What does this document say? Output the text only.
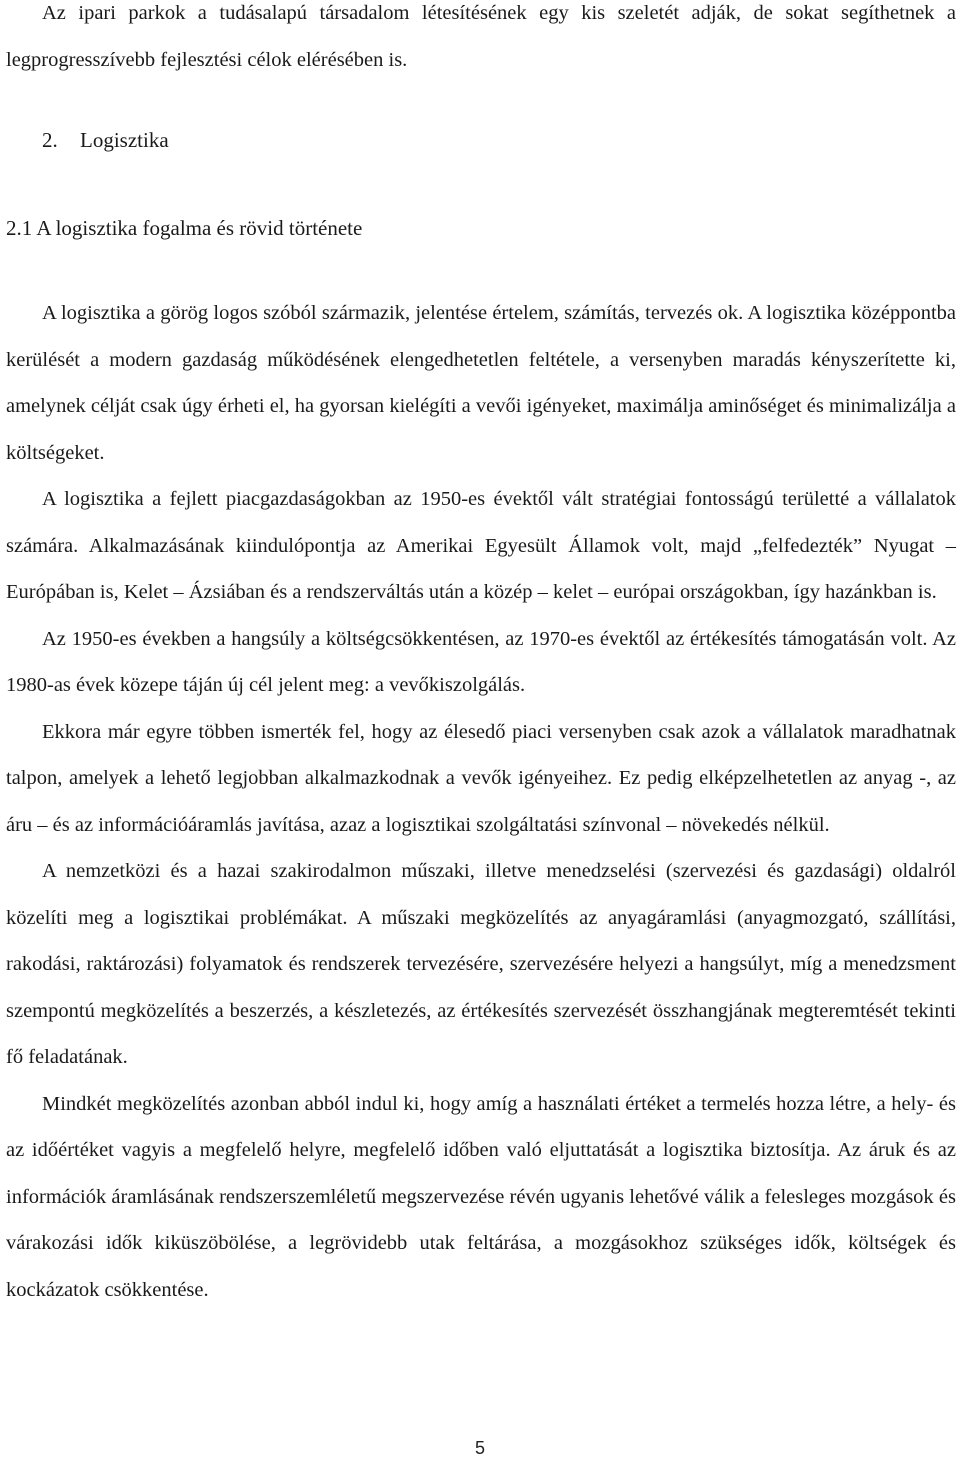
Az ipari parkok a tudásalapú társadalom létesítésének egy kis szeletét adják, de sokat segíthetnek a legprogresszívebb fejlesztési célok elérésében is.

2. Logisztika
2.1 A logisztika fogalma és rövid története

A logisztika a görög logos szóból származik, jelentése értelem, számítás, tervezés ok. A logisztika középpontba kerülését a modern gazdaság működésének elengedhetetlen feltétele, a versenyben maradás kényszerítette ki, amelynek célját csak úgy érheti el, ha gyorsan kielégíti a vevői igényeket, maximálja aminőséget és minimalizálja a költségeket.

A logisztika a fejlett piacgazdaságokban az 1950-es évektől vált stratégiai fontosságú területté a vállalatok számára. Alkalmazásának kiindulópontja az Amerikai Egyesült Államok volt, majd „felfedezték” Nyugat – Európában is, Kelet – Ázsiában és a rendszerváltás után a közép – kelet – európai országokban, így hazánkban is.

Az 1950-es években a hangsúly a költségcsökkentésen, az 1970-es évektől az értékesítés támogatásán volt. Az 1980-as évek közepe táján új cél jelent meg: a vevőkiszolgálás.

Ekkora már egyre többen ismerték fel, hogy az élesedő piaci versenyben csak azok a vállalatok maradhatnak talpon, amelyek a lehető legjobban alkalmazkodnak a vevők igényeihez. Ez pedig elképzelhetetlen az anyag -, az áru – és az információáramlás javítása, azaz a logisztikai szolgáltatási színvonal – növekedés nélkül.

A nemzetközi és a hazai szakirodalmon műszaki, illetve menedzselési (szervezési és gazdasági) oldalról közelíti meg a logisztikai problémákat. A műszaki megközelítés az anyagáramlási (anyagmozgató, szállítási, rakodási, raktározási) folyamatok és rendszerek tervezésére, szervezésére helyezi a hangsúlyt, míg a menedzsment szempontú megközelítés a beszerzés, a készletezés, az értékesítés szervezését összhangjának megteremtését tekinti fő feladatának.

Mindkét megközelítés azonban abból indul ki, hogy amíg a használati értéket a termelés hozza létre, a hely- és az időértéket vagyis a megfelelő helyre, megfelelő időben való eljuttatását a logisztika biztosítja. Az áruk és az információk áramlásának rendszerszemléletű megszervezése révén ugyanis lehetővé válik a felesleges mozgások és várakozási idők kiküszöbölése, a legrövidebb utak feltárása, a mozgásokhoz szükséges idők, költségek és kockázatok csökkentése.

5
